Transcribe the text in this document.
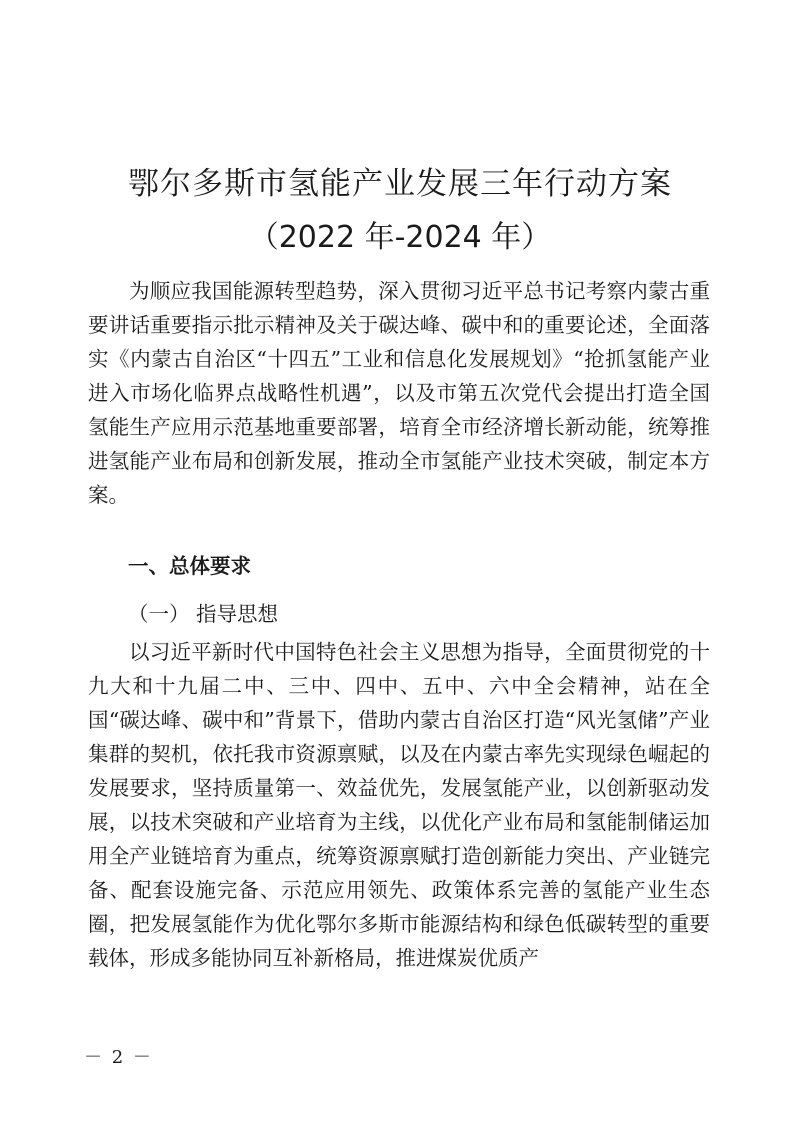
鄂尔多斯市氢能产业发展三年行动方案
（2022 年-2024 年）

为顺应我国能源转型趋势，深入贯彻习近平总书记考察内蒙古重要讲话重要指示批示精神及关于碳达峰、碳中和的重要论述，全面落实《内蒙古自治区“十四五”工业和信息化发展规划》“抢抓氢能产业进入市场化临界点战略性机遇”，以及市第五次党代会提出打造全国氢能生产应用示范基地重要部署，培育全市经济增长新动能，统筹推进氢能产业布局和创新发展，推动全市氢能产业技术突破，制定本方案。

一、总体要求
（一） 指导思想

以习近平新时代中国特色社会主义思想为指导，全面贯彻党的十九大和十九届二中、三中、四中、五中、六中全会精神，站在全国“碳达峰、碳中和”背景下，借助内蒙古自治区打造“风光氢储”产业集群的契机，依托我市资源禀赋，以及在内蒙古率先实现绿色崛起的发展要求，坚持质量第一、效益优先，发展氢能产业，以创新驱动发展，以技术突破和产业培育为主线，以优化产业布局和氢能制储运加用全产业链培育为重点，统筹资源禀赋打造创新能力突出、产业链完备、配套设施完备、示范应用领先、政策体系完善的氢能产业生态圈，把发展氢能作为优化鄂尔多斯市能源结构和绿色低碳转型的重要载体，形成多能协同互补新格局，推进煤炭优质产

－ 2 －
